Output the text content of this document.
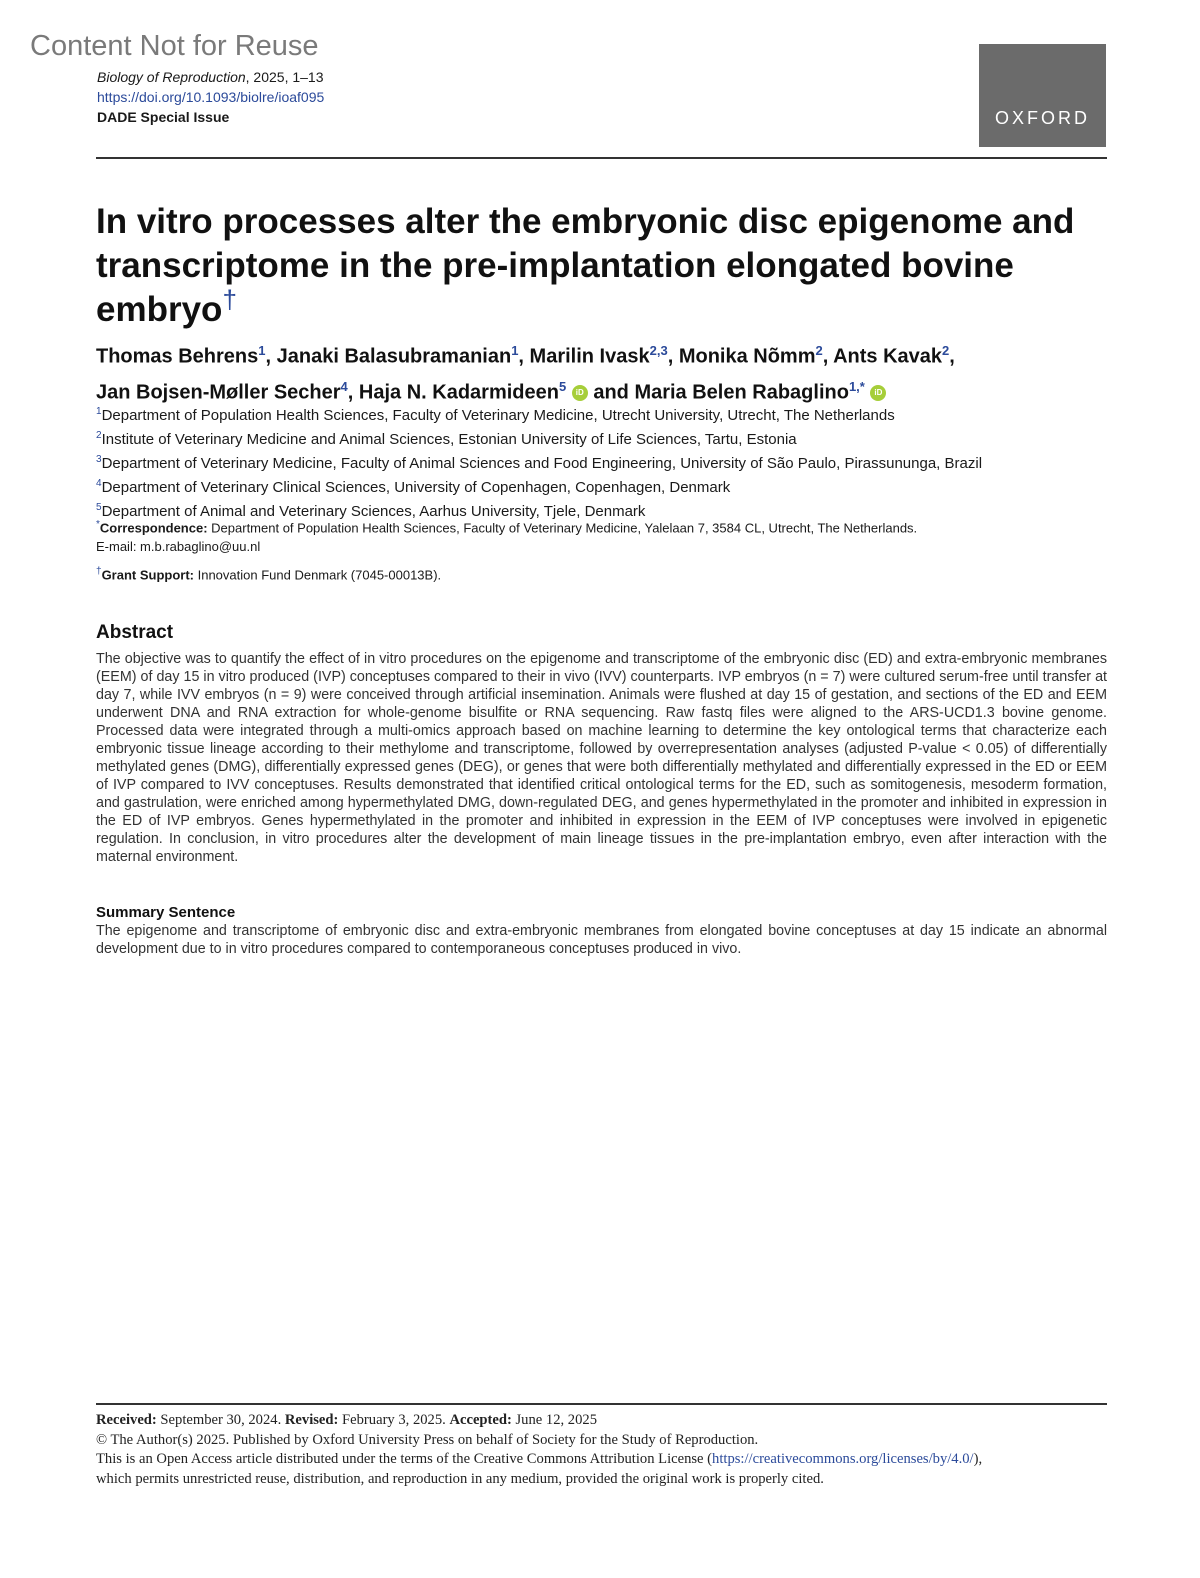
Content Not for Reuse
Biology of Reproduction, 2025, 1–13
https://doi.org/10.1093/biolre/ioaf095
DADE Special Issue	OXFORD
In vitro processes alter the embryonic disc epigenome and transcriptome in the pre-implantation elongated bovine embryo†
Thomas Behrens$^1$, Janaki Balasubramanian$^1$, Marilin Ivask$^{2,3}$, Monika Nõmm$^2$, Ants Kavak$^2$,
Jan Bojsen-Møller Secher$^4$, Haja N. Kadarmideen$^5$ iD and Maria Belen Rabaglino$^{1,*}$ iD
$^1$Department of Population Health Sciences, Faculty of Veterinary Medicine, Utrecht University, Utrecht, The Netherlands
$^2$Institute of Veterinary Medicine and Animal Sciences, Estonian University of Life Sciences, Tartu, Estonia
$^3$Department of Veterinary Medicine, Faculty of Animal Sciences and Food Engineering, University of São Paulo, Pirassununga, Brazil
$^4$Department of Veterinary Clinical Sciences, University of Copenhagen, Copenhagen, Denmark
$^5$Department of Animal and Veterinary Sciences, Aarhus University, Tjele, Denmark
*Correspondence: Department of Population Health Sciences, Faculty of Veterinary Medicine, Yalelaan 7, 3584 CL, Utrecht, The Netherlands.
E-mail: m.b.rabaglino@uu.nl
†Grant Support: Innovation Fund Denmark (7045-00013B).
Abstract
The objective was to quantify the effect of in vitro procedures on the epigenome and transcriptome of the embryonic disc (ED) and extra-embryonic membranes (EEM) of day 15 in vitro produced (IVP) conceptuses compared to their in vivo (IVV) counterparts. IVP embryos (n = 7) were cultured serum-free until transfer at day 7, while IVV embryos (n = 9) were conceived through artificial insemination. Animals were flushed at day 15 of gestation, and sections of the ED and EEM underwent DNA and RNA extraction for whole-genome bisulfite or RNA sequencing. Raw fastq files were aligned to the ARS-UCD1.3 bovine genome. Processed data were integrated through a multi-omics approach based on machine learning to determine the key ontological terms that characterize each embryonic tissue lineage according to their methylome and transcriptome, followed by overrepresentation analyses (adjusted P-value < 0.05) of differentially methylated genes (DMG), differentially expressed genes (DEG), or genes that were both differentially methylated and differentially expressed in the ED or EEM of IVP compared to IVV conceptuses. Results demonstrated that identified critical ontological terms for the ED, such as somitogenesis, mesoderm formation, and gastrulation, were enriched among hypermethylated DMG, down-regulated DEG, and genes hypermethylated in the promoter and inhibited in expression in the ED of IVP embryos. Genes hypermethylated in the promoter and inhibited in expression in the EEM of IVP conceptuses were involved in epigenetic regulation. In conclusion, in vitro procedures alter the development of main lineage tissues in the pre-implantation embryo, even after interaction with the maternal environment.
Summary Sentence
The epigenome and transcriptome of embryonic disc and extra-embryonic membranes from elongated bovine conceptuses at day 15 indicate an abnormal development due to in vitro procedures compared to contemporaneous conceptuses produced in vivo.
Received: September 30, 2024. Revised: February 3, 2025. Accepted: June 12, 2025
© The Author(s) 2025. Published by Oxford University Press on behalf of Society for the Study of Reproduction.
This is an Open Access article distributed under the terms of the Creative Commons Attribution License (https://creativecommons.org/licenses/by/4.0/),
which permits unrestricted reuse, distribution, and reproduction in any medium, provided the original work is properly cited.
